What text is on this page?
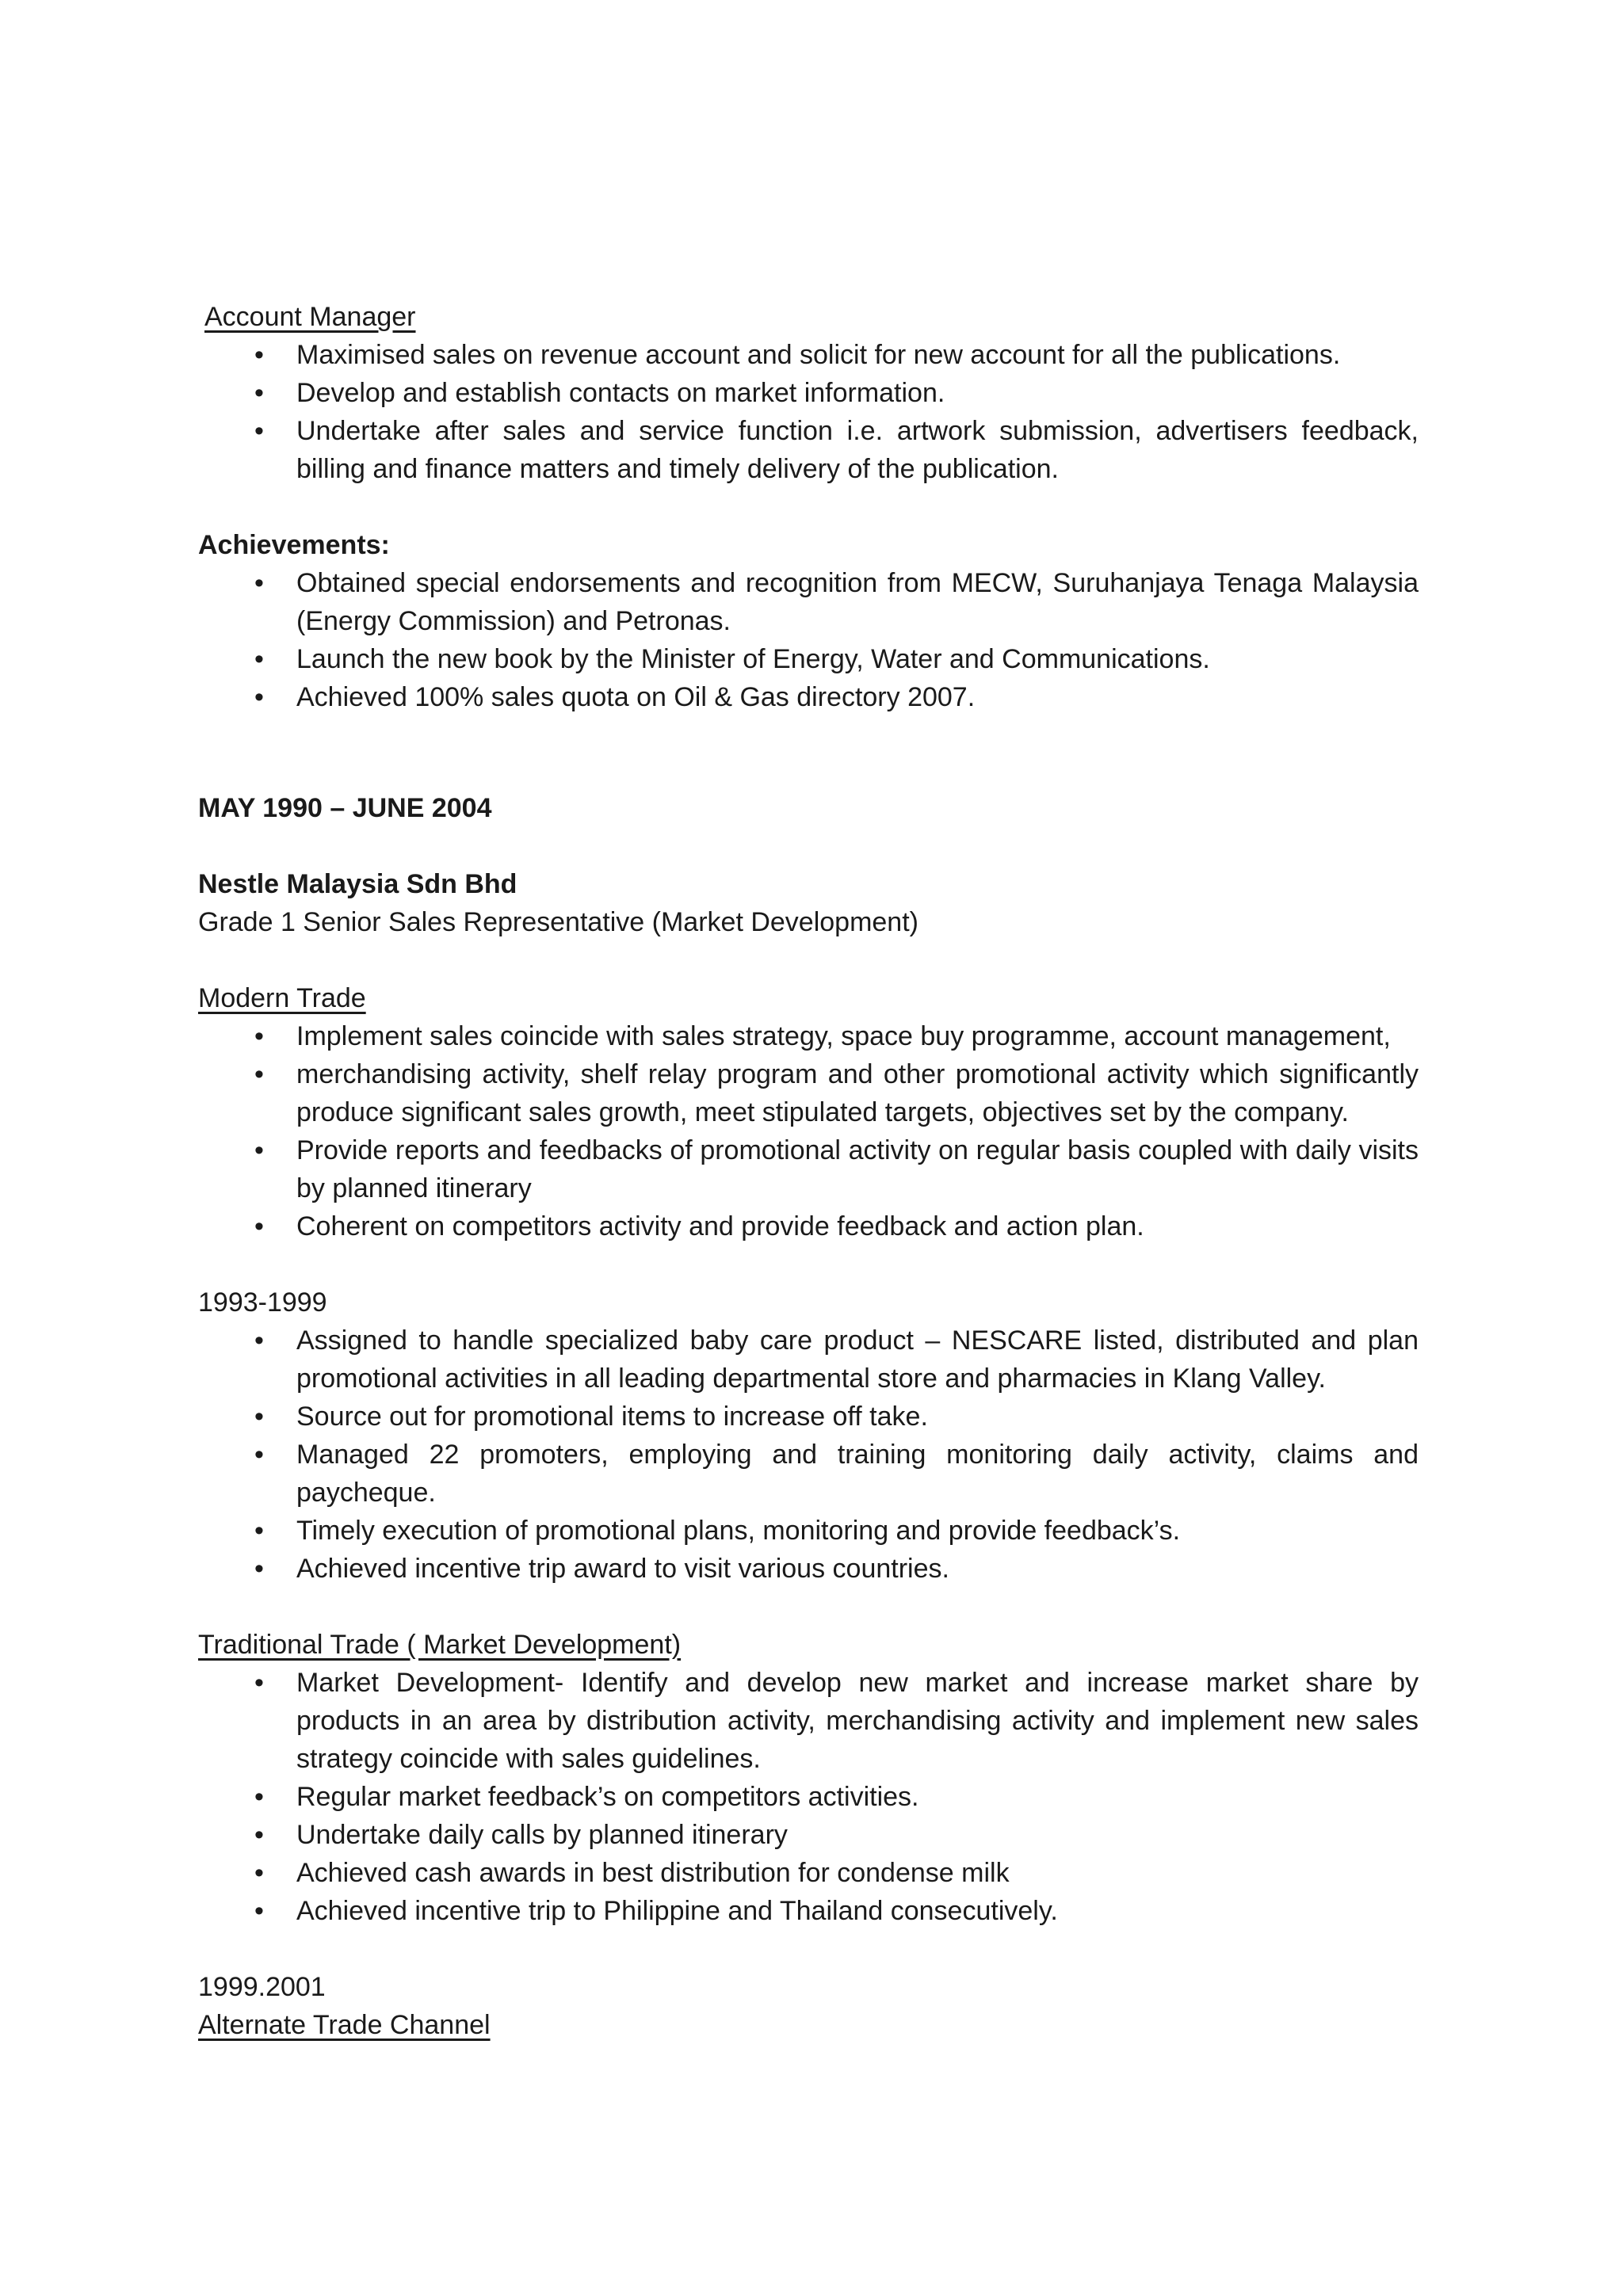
Account Manager

• Maximised sales on revenue account and solicit for new account for all the publications.
• Develop and establish contacts on market information.
• Undertake after sales and service function i.e. artwork submission, advertisers feedback, billing and finance matters and timely delivery of the publication.

Achievements:

• Obtained special endorsements and recognition from MECW, Suruhanjaya Tenaga Malaysia (Energy Commission) and Petronas.
• Launch the new book by the Minister of Energy, Water and Communications.
• Achieved 100% sales quota on Oil & Gas directory 2007.

MAY 1990 – JUNE 2004

Nestle Malaysia Sdn Bhd

Grade 1 Senior Sales Representative (Market Development)

Modern Trade

• Implement sales coincide with sales strategy, space buy programme, account management,
• merchandising activity, shelf relay program and other promotional activity which significantly produce significant sales growth, meet stipulated targets, objectives set by the company.
• Provide reports and feedbacks of promotional activity on regular basis coupled with daily visits by planned itinerary
• Coherent on competitors activity and provide feedback and action plan.

1993-1999

• Assigned to handle specialized baby care product – NESCARE listed, distributed and plan promotional activities in all leading departmental store and pharmacies in Klang Valley.
• Source out for promotional items to increase off take.
• Managed 22 promoters, employing and training monitoring daily activity, claims and paycheque.
• Timely execution of promotional plans, monitoring and provide feedback’s.
• Achieved incentive trip award to visit various countries.

Traditional Trade ( Market Development)

• Market Development- Identify and develop new market and increase market share by products in an area by distribution activity, merchandising activity and implement new sales strategy coincide with sales guidelines.
• Regular market feedback’s on competitors activities.
• Undertake daily calls by planned itinerary
• Achieved cash awards in best distribution for condense milk
• Achieved incentive trip to Philippine and Thailand consecutively.

1999.2001

Alternate Trade Channel
